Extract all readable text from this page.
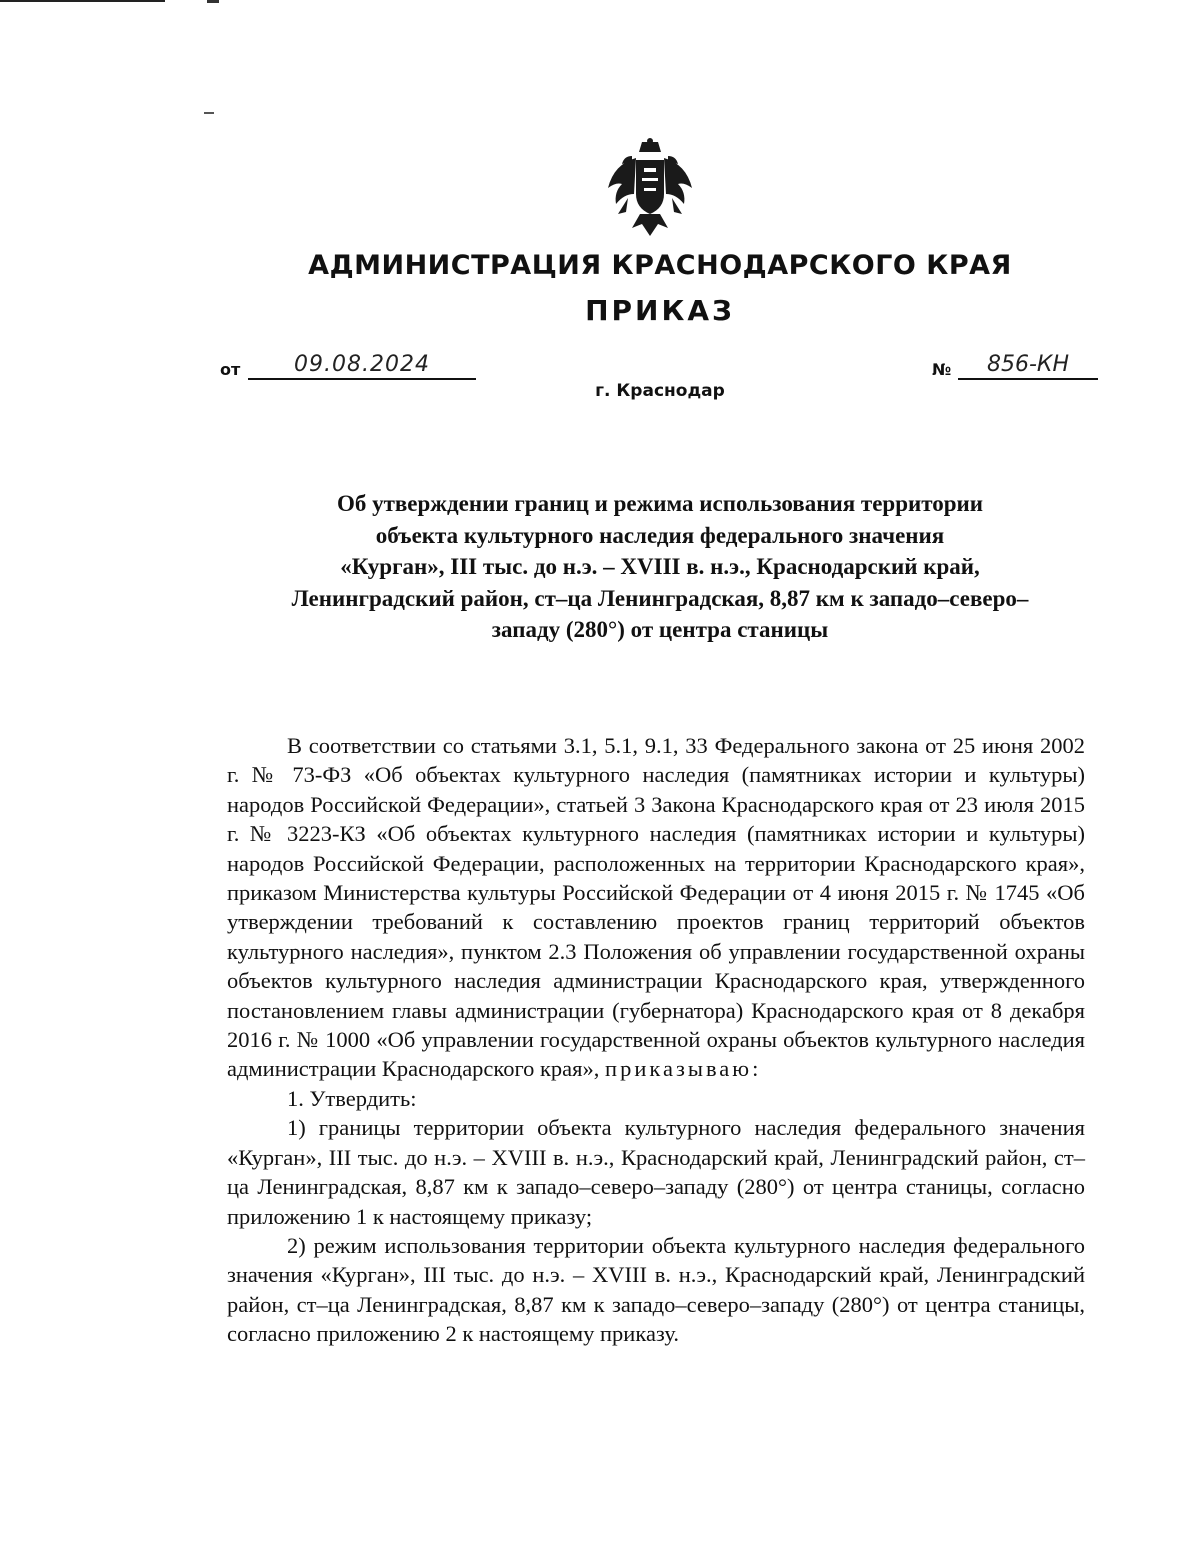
АДМИНИСТРАЦИЯ КРАСНОДАРСКОГО КРАЯ
ПРИКАЗ
от	09.08.2024	№	856-КН
г. Краснодар
Об утверждении границ и режима использования территории
объекта культурного наследия федерального значения
«Курган», III тыс. до н.э. – XVIII в. н.э., Краснодарский край,
Ленинградский район, ст–ца Ленинградская, 8,87 км к западо–северо–
западу (280°) от центра станицы

В соответствии со статьями 3.1, 5.1, 9.1, 33 Федерального закона от 25 июня 2002 г. № 73-ФЗ «Об объектах культурного наследия (памятниках истории и культуры) народов Российской Федерации», статьей 3 Закона Краснодарского края от 23 июля 2015 г. № 3223-КЗ «Об объектах культурного наследия (памятниках истории и культуры) народов Российской Федерации, расположенных на территории Краснодарского края», приказом Министерства культуры Российской Федерации от 4 июня 2015 г. № 1745 «Об утверждении требований к составлению проектов границ территорий объектов культурного наследия», пунктом 2.3 Положения об управлении государственной охраны объектов культурного наследия администрации Краснодарского края, утвержденного постановлением главы администрации (губернатора) Краснодарского края от 8 декабря 2016 г. № 1000 «Об управлении государственной охраны объектов культурного наследия администрации Краснодарского края», приказываю:

1. Утвердить:

1) границы территории объекта культурного наследия федерального значения «Курган», III тыс. до н.э. – XVIII в. н.э., Краснодарский край, Ленинградский район, ст–ца Ленинградская, 8,87 км к западо–северо–западу (280°) от центра станицы, согласно приложению 1 к настоящему приказу;

2) режим использования территории объекта культурного наследия федерального значения «Курган», III тыс. до н.э. – XVIII в. н.э., Краснодарский край, Ленинградский район, ст–ца Ленинградская, 8,87 км к западо–северо–западу (280°) от центра станицы, согласно приложению 2 к настоящему приказу.
